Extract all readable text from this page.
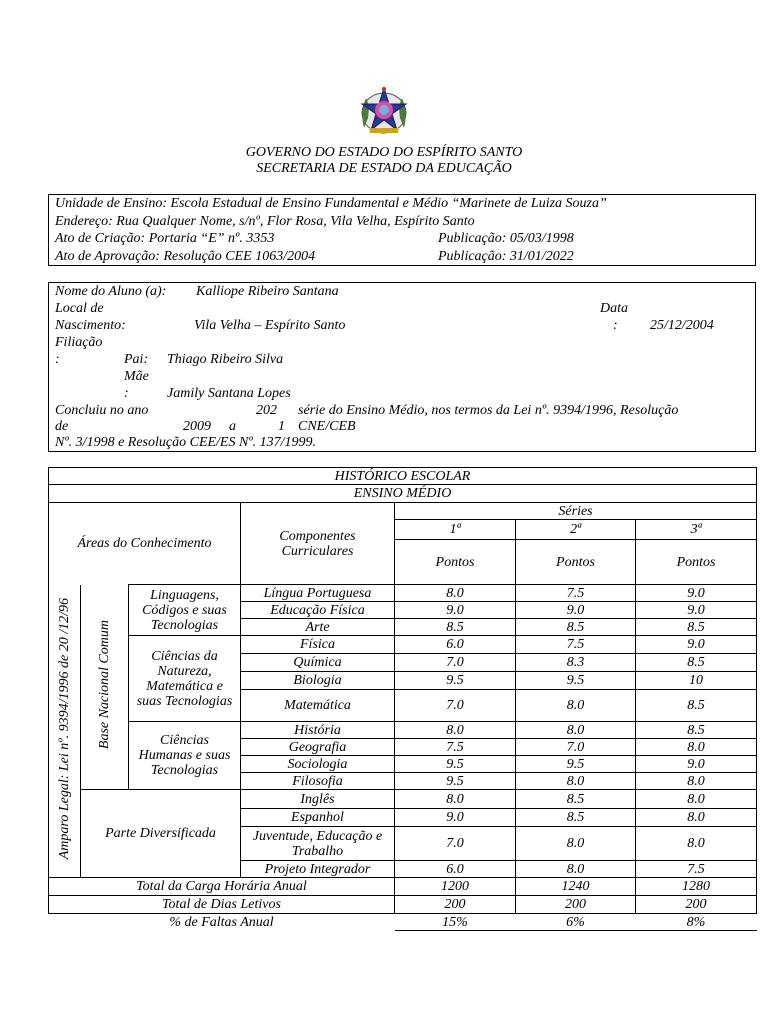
GOVERNO DO ESTADO DO ESPÍRITO SANTO
SECRETARIA DE ESTADO DA EDUCAÇÃO
Unidade de Ensino: Escola Estadual de Ensino Fundamental e Médio “Marinete de Luiza Souza”
Endereço: Rua Qualquer Nome, s/nº, Flor Rosa, Vila Velha, Espírito Santo
Ato de Criação: Portaria “E” nº. 3353	Publicação: 05/03/1998
Ato de Aprovação: Resolução CEE 1063/2004	Publicação: 31/01/2022
Nome do Aluno (a): Kalliope Ribeiro Santana
Local de
Nascimento:	Vila Velha – Espírito Santo
Data
: 25/12/2004
Filiação
:	Pai: Thiago Ribeiro Silva
Mãe
:	Jamily Santana Lopes
Concluiu no ano	202 série do Ensino Médio, nos termos da Lei nº. 9394/1996, Resolução
de	2009 a	1 CNE/CEB
Nº. 3/1998 e Resolução CEE/ES Nº. 137/1999.
HISTÓRICO ESCOLAR						
ENSINO MÉDIO						
Áreas do Conhecimento			Componentes Curriculares	Séries		
				1ª	2ª	3ª
				Pontos	Pontos	Pontos
Amparo Legal: Lei nº. 9394/1996 de 20 /12/96	Base Nacional Comum	Linguagens, Códigos e suas Tecnologias	Língua Portuguesa	8.0	7.5	9.0
			Educação Física	9.0	9.0	9.0
			Arte	8.5	8.5	8.5
		Ciências da Natureza, Matemática e suas Tecnologias	Física	6.0	7.5	9.0
			Química	7.0	8.3	8.5
			Biologia	9.5	9.5	10
			Matemática	7.0	8.0	8.5
		Ciências Humanas e suas Tecnologias	História	8.0	8.0	8.5
			Geografia	7.5	7.0	8.0
			Sociologia	9.5	9.5	9.0
			Filosofia	9.5	8.0	8.0
	Parte Diversificada		Inglês	8.0	8.5	8.0
			Espanhol	9.0	8.5	8.0
			Juventude, Educação e Trabalho	7.0	8.0	8.0
			Projeto Integrador	6.0	8.0	7.5
Total da Carga Horária Anual				1200	1240	1280
Total de Dias Letivos				200	200	200
% de Faltas Anual				15%	6%	8%
